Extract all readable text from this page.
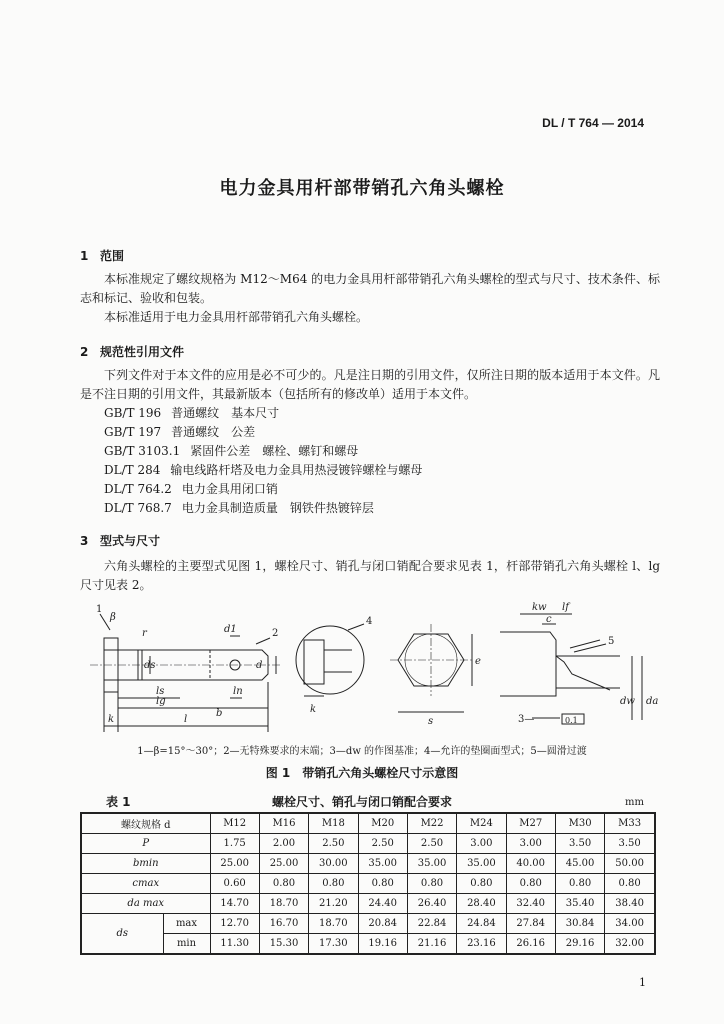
DL / T 764 — 2014
电力金具用杆部带销孔六角头螺栓
1 范围
本标准规定了螺纹规格为 M12～M64 的电力金具用杆部带销孔六角头螺栓的型式与尺寸、技术条件、标志和标记、验收和包装。
本标准适用于电力金具用杆部带销孔六角头螺栓。
2 规范性引用文件
下列文件对于本文件的应用是必不可少的。凡是注日期的引用文件，仅所注日期的版本适用于本文件。凡是不注日期的引用文件，其最新版本（包括所有的修改单）适用于本文件。
GB/T 196 普通螺纹　基本尺寸
GB/T 197 普通螺纹　公差
GB/T 3103.1 紧固件公差　螺栓、螺钉和螺母
DL/T 284 输电线路杆塔及电力金具用热浸镀锌螺栓与螺母
DL/T 764.2 电力金具用闭口销
DL/T 768.7 电力金具制造质量　钢铁件热镀锌层
3 型式与尺寸
六角头螺栓的主要型式见图 1，螺栓尺寸、销孔与闭口销配合要求见表 1，杆部带销孔六角头螺栓 l、lg 尺寸见表 2。
1
β
r	d1	2
ds	d
ls	ln
lg
b
l
k
4
k
s
e
kw lf
c
5
dw da
3—	0.1
1—β=15°～30°；2—无特殊要求的末端；3—dw 的作图基准；4—允许的垫圈面型式；5—圆滑过渡
图 1　带销孔六角头螺栓尺寸示意图
表 1	螺栓尺寸、销孔与闭口销配合要求	mm
螺纹规格 d		M12	M16	M18	M20	M22	M24	M27	M30	M33
P		1.75	2.00	2.50	2.50	2.50	3.00	3.00	3.50	3.50
bmin		25.00	25.00	30.00	35.00	35.00	35.00	40.00	45.00	50.00
cmax		0.60	0.80	0.80	0.80	0.80	0.80	0.80	0.80	0.80
da max		14.70	18.70	21.20	24.40	26.40	28.40	32.40	35.40	38.40
ds	max	12.70	16.70	18.70	20.84	22.84	24.84	27.84	30.84	34.00
	min	11.30	15.30	17.30	19.16	21.16	23.16	26.16	29.16	32.00
1
